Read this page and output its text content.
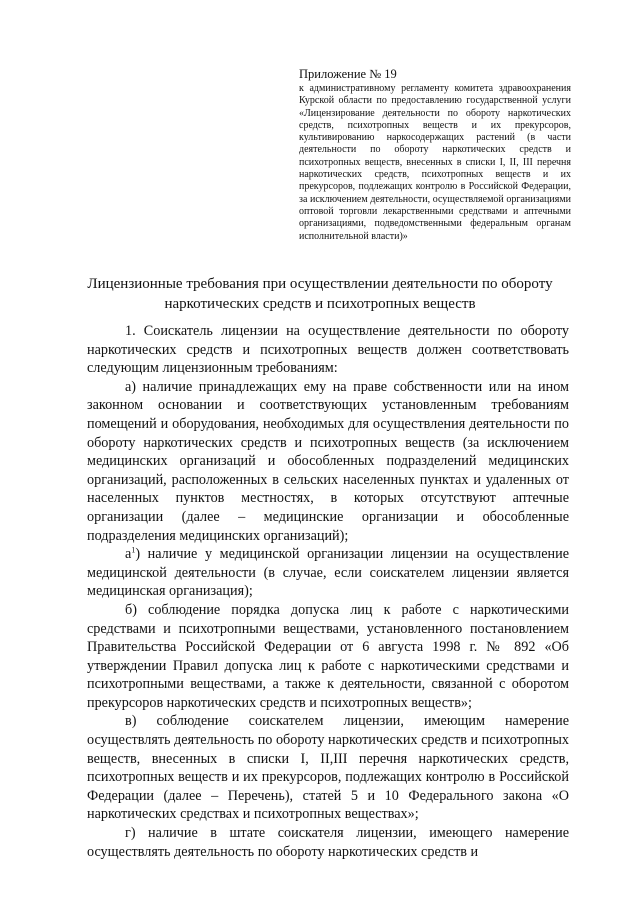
Приложение № 19
к административному регламенту комитета здравоохранения Курской области по предоставлению государственной услуги «Лицензирование деятельности по обороту наркотических средств, психотропных веществ и их прекурсоров, культивированию наркосодержащих растений (в части деятельности по обороту наркотических средств и психотропных веществ, внесенных в списки I, II, III перечня наркотических средств, психотропных веществ и их прекурсоров, подлежащих контролю в Российской Федерации, за исключением деятельности, осуществляемой организациями оптовой торговли лекарственными средствами и аптечными организациями, подведомственными федеральным органам исполнительной власти)»
Лицензионные требования при осуществлении деятельности по обороту наркотических средств и психотропных веществ

1. Соискатель лицензии на осуществление деятельности по обороту наркотических средств и психотропных веществ должен соответствовать следующим лицензионным требованиям:

а) наличие принадлежащих ему на праве собственности или на ином законном основании и соответствующих установленным требованиям помещений и оборудования, необходимых для осуществления деятельности по обороту наркотических средств и психотропных веществ (за исключением медицинских организаций и обособленных подразделений медицинских организаций, расположенных в сельских населенных пунктах и удаленных от населенных пунктов местностях, в которых отсутствуют аптечные организации (далее – медицинские организации и обособленные подразделения медицинских организаций);

$а^1$) наличие у медицинской организации лицензии на осуществление медицинской деятельности (в случае, если соискателем лицензии является медицинская организация);

б) соблюдение порядка допуска лиц к работе с наркотическими средствами и психотропными веществами, установленного постановлением Правительства Российской Федерации от 6 августа 1998 г. № 892 «Об утверждении Правил допуска лиц к работе с наркотическими средствами и психотропными веществами, а также к деятельности, связанной с оборотом прекурсоров наркотических средств и психотропных веществ»;

в) соблюдение соискателем лицензии, имеющим намерение осуществлять деятельность по обороту наркотических средств и психотропных веществ, внесенных в списки I, II,III перечня наркотических средств, психотропных веществ и их прекурсоров, подлежащих контролю в Российской Федерации (далее – Перечень), статей 5 и 10 Федерального закона «О наркотических средствах и психотропных веществах»;

г) наличие в штате соискателя лицензии, имеющего намерение осуществлять деятельность по обороту наркотических средств и
